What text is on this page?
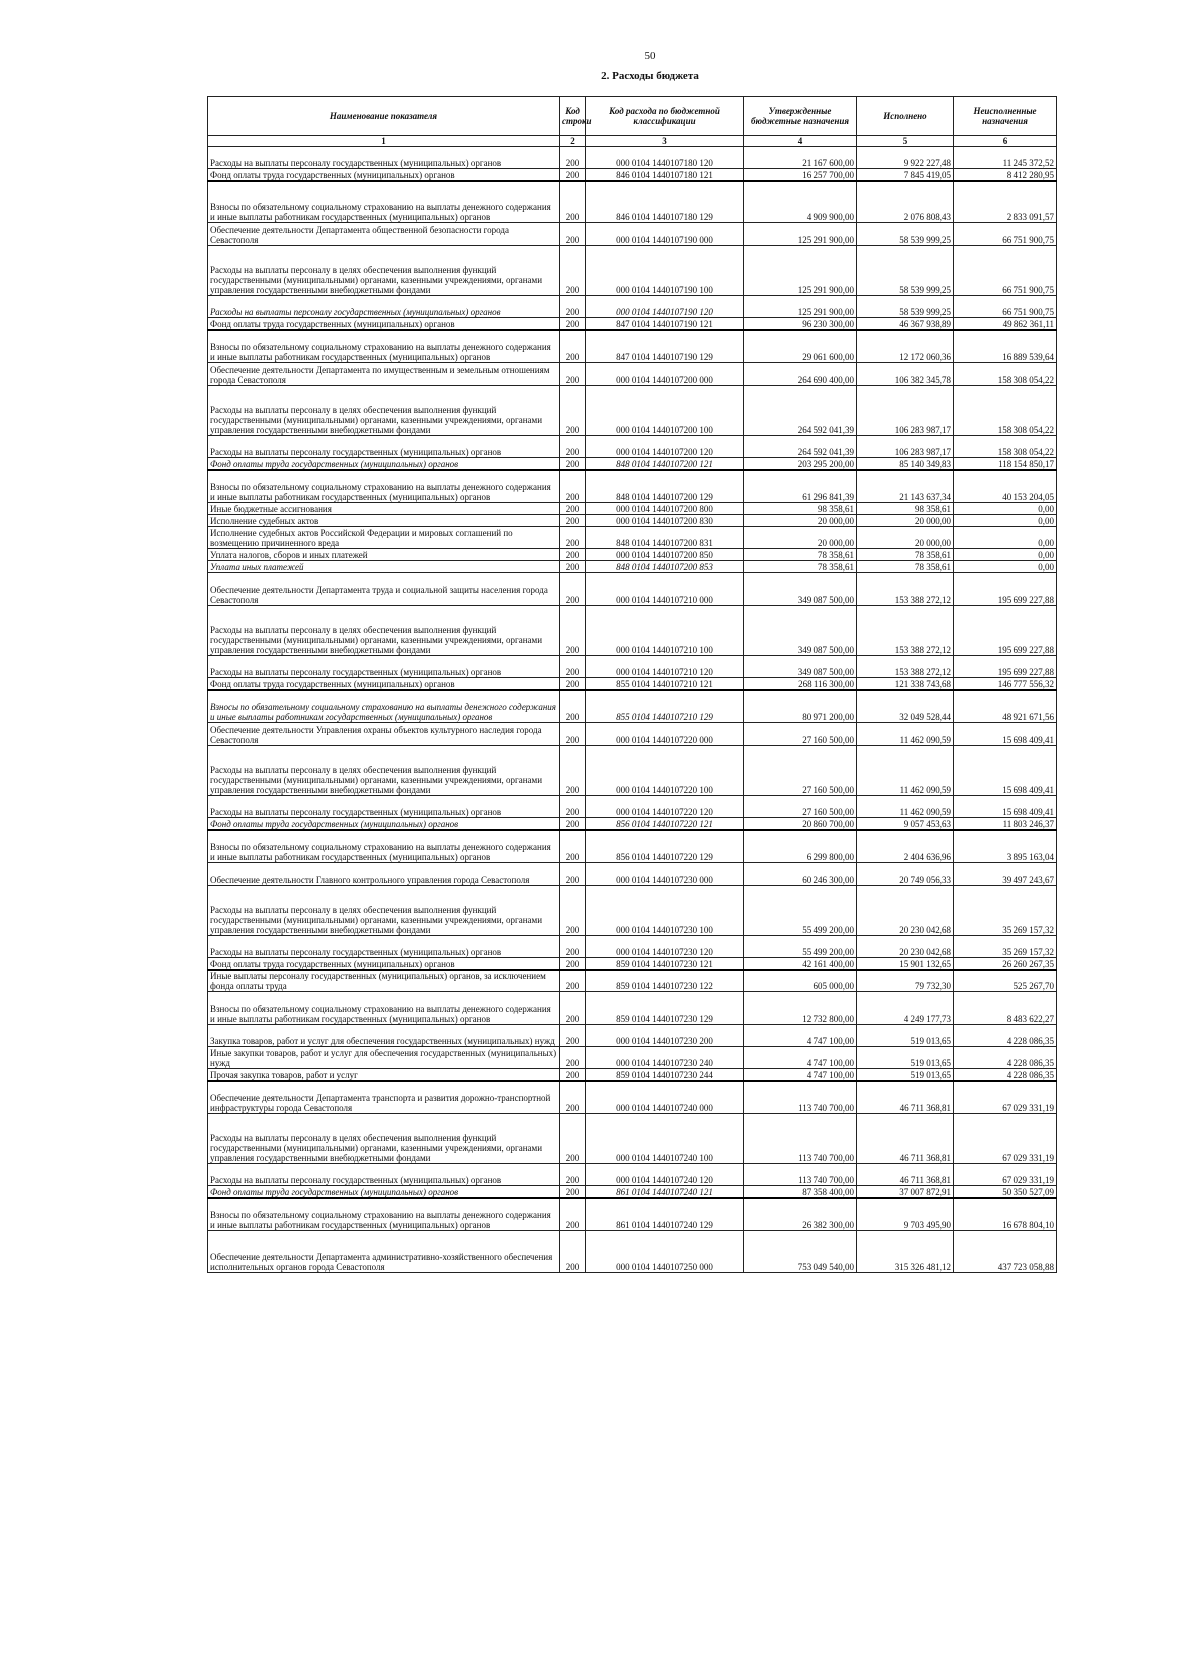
50
2. Расходы бюджета
Наименование показателя	Код строки	Код расхода по бюджетной классификации	Утвержденные бюджетные назначения	Исполнено	Неисполненные назначения
1	2	3	4	5	6
Расходы на выплаты персоналу государственных (муниципальных) органов	200	000 0104 1440107180 120	21 167 600,00	9 922 227,48	11 245 372,52
Фонд оплаты труда государственных (муниципальных) органов	200	846 0104 1440107180 121	16 257 700,00	7 845 419,05	8 412 280,95
Взносы по обязательному социальному страхованию на выплаты денежного содержания и иные выплаты работникам государственных (муниципальных) органов	200	846 0104 1440107180 129	4 909 900,00	2 076 808,43	2 833 091,57
Обеспечение деятельности Департамента общественной безопасности города Севастополя	200	000 0104 1440107190 000	125 291 900,00	58 539 999,25	66 751 900,75
Расходы на выплаты персоналу в целях обеспечения выполнения функций государственными (муниципальными) органами, казенными учреждениями, органами управления государственными внебюджетными фондами	200	000 0104 1440107190 100	125 291 900,00	58 539 999,25	66 751 900,75
Расходы на выплаты персоналу государственных (муниципальных) органов	200	000 0104 1440107190 120	125 291 900,00	58 539 999,25	66 751 900,75
Фонд оплаты труда государственных (муниципальных) органов	200	847 0104 1440107190 121	96 230 300,00	46 367 938,89	49 862 361,11
Взносы по обязательному социальному страхованию на выплаты денежного содержания и иные выплаты работникам государственных (муниципальных) органов	200	847 0104 1440107190 129	29 061 600,00	12 172 060,36	16 889 539,64
Обеспечение деятельности Департамента по имущественным и земельным отношениям города Севастополя	200	000 0104 1440107200 000	264 690 400,00	106 382 345,78	158 308 054,22
Расходы на выплаты персоналу в целях обеспечения выполнения функций государственными (муниципальными) органами, казенными учреждениями, органами управления государственными внебюджетными фондами	200	000 0104 1440107200 100	264 592 041,39	106 283 987,17	158 308 054,22
Расходы на выплаты персоналу государственных (муниципальных) органов	200	000 0104 1440107200 120	264 592 041,39	106 283 987,17	158 308 054,22
Фонд оплаты труда государственных (муниципальных) органов	200	848 0104 1440107200 121	203 295 200,00	85 140 349,83	118 154 850,17
Взносы по обязательному социальному страхованию на выплаты денежного содержания и иные выплаты работникам государственных (муниципальных) органов	200	848 0104 1440107200 129	61 296 841,39	21 143 637,34	40 153 204,05
Иные бюджетные ассигнования	200	000 0104 1440107200 800	98 358,61	98 358,61	0,00
Исполнение судебных актов	200	000 0104 1440107200 830	20 000,00	20 000,00	0,00
Исполнение судебных актов Российской Федерации и мировых соглашений по возмещению причиненного вреда	200	848 0104 1440107200 831	20 000,00	20 000,00	0,00
Уплата налогов, сборов и иных платежей	200	000 0104 1440107200 850	78 358,61	78 358,61	0,00
Уплата иных платежей	200	848 0104 1440107200 853	78 358,61	78 358,61	0,00
Обеспечение деятельности Департамента труда и социальной защиты населения города Севастополя	200	000 0104 1440107210 000	349 087 500,00	153 388 272,12	195 699 227,88
Расходы на выплаты персоналу в целях обеспечения выполнения функций государственными (муниципальными) органами, казенными учреждениями, органами управления государственными внебюджетными фондами	200	000 0104 1440107210 100	349 087 500,00	153 388 272,12	195 699 227,88
Расходы на выплаты персоналу государственных (муниципальных) органов	200	000 0104 1440107210 120	349 087 500,00	153 388 272,12	195 699 227,88
Фонд оплаты труда государственных (муниципальных) органов	200	855 0104 1440107210 121	268 116 300,00	121 338 743,68	146 777 556,32
Взносы по обязательному социальному страхованию на выплаты денежного содержания и иные выплаты работникам государственных (муниципальных) органов	200	855 0104 1440107210 129	80 971 200,00	32 049 528,44	48 921 671,56
Обеспечение деятельности Управления охраны объектов культурного наследия города Севастополя	200	000 0104 1440107220 000	27 160 500,00	11 462 090,59	15 698 409,41
Расходы на выплаты персоналу в целях обеспечения выполнения функций государственными (муниципальными) органами, казенными учреждениями, органами управления государственными внебюджетными фондами	200	000 0104 1440107220 100	27 160 500,00	11 462 090,59	15 698 409,41
Расходы на выплаты персоналу государственных (муниципальных) органов	200	000 0104 1440107220 120	27 160 500,00	11 462 090,59	15 698 409,41
Фонд оплаты труда государственных (муниципальных) органов	200	856 0104 1440107220 121	20 860 700,00	9 057 453,63	11 803 246,37
Взносы по обязательному социальному страхованию на выплаты денежного содержания и иные выплаты работникам государственных (муниципальных) органов	200	856 0104 1440107220 129	6 299 800,00	2 404 636,96	3 895 163,04
Обеспечение деятельности Главного контрольного управления города Севастополя	200	000 0104 1440107230 000	60 246 300,00	20 749 056,33	39 497 243,67
Расходы на выплаты персоналу в целях обеспечения выполнения функций государственными (муниципальными) органами, казенными учреждениями, органами управления государственными внебюджетными фондами	200	000 0104 1440107230 100	55 499 200,00	20 230 042,68	35 269 157,32
Расходы на выплаты персоналу государственных (муниципальных) органов	200	000 0104 1440107230 120	55 499 200,00	20 230 042,68	35 269 157,32
Фонд оплаты труда государственных (муниципальных) органов	200	859 0104 1440107230 121	42 161 400,00	15 901 132,65	26 260 267,35
Иные выплаты персоналу государственных (муниципальных) органов, за исключением фонда оплаты труда	200	859 0104 1440107230 122	605 000,00	79 732,30	525 267,70
Взносы по обязательному социальному страхованию на выплаты денежного содержания и иные выплаты работникам государственных (муниципальных) органов	200	859 0104 1440107230 129	12 732 800,00	4 249 177,73	8 483 622,27
Закупка товаров, работ и услуг для обеспечения государственных (муниципальных) нужд	200	000 0104 1440107230 200	4 747 100,00	519 013,65	4 228 086,35
Иные закупки товаров, работ и услуг для обеспечения государственных (муниципальных) нужд	200	000 0104 1440107230 240	4 747 100,00	519 013,65	4 228 086,35
Прочая закупка товаров, работ и услуг	200	859 0104 1440107230 244	4 747 100,00	519 013,65	4 228 086,35
Обеспечение деятельности Департамента транспорта и развития дорожно-транспортной инфраструктуры города Севастополя	200	000 0104 1440107240 000	113 740 700,00	46 711 368,81	67 029 331,19
Расходы на выплаты персоналу в целях обеспечения выполнения функций государственными (муниципальными) органами, казенными учреждениями, органами управления государственными внебюджетными фондами	200	000 0104 1440107240 100	113 740 700,00	46 711 368,81	67 029 331,19
Расходы на выплаты персоналу государственных (муниципальных) органов	200	000 0104 1440107240 120	113 740 700,00	46 711 368,81	67 029 331,19
Фонд оплаты труда государственных (муниципальных) органов	200	861 0104 1440107240 121	87 358 400,00	37 007 872,91	50 350 527,09
Взносы по обязательному социальному страхованию на выплаты денежного содержания и иные выплаты работникам государственных (муниципальных) органов	200	861 0104 1440107240 129	26 382 300,00	9 703 495,90	16 678 804,10
Обеспечение деятельности Департамента административно-хозяйственного обеспечения исполнительных органов города Севастополя	200	000 0104 1440107250 000	753 049 540,00	315 326 481,12	437 723 058,88
